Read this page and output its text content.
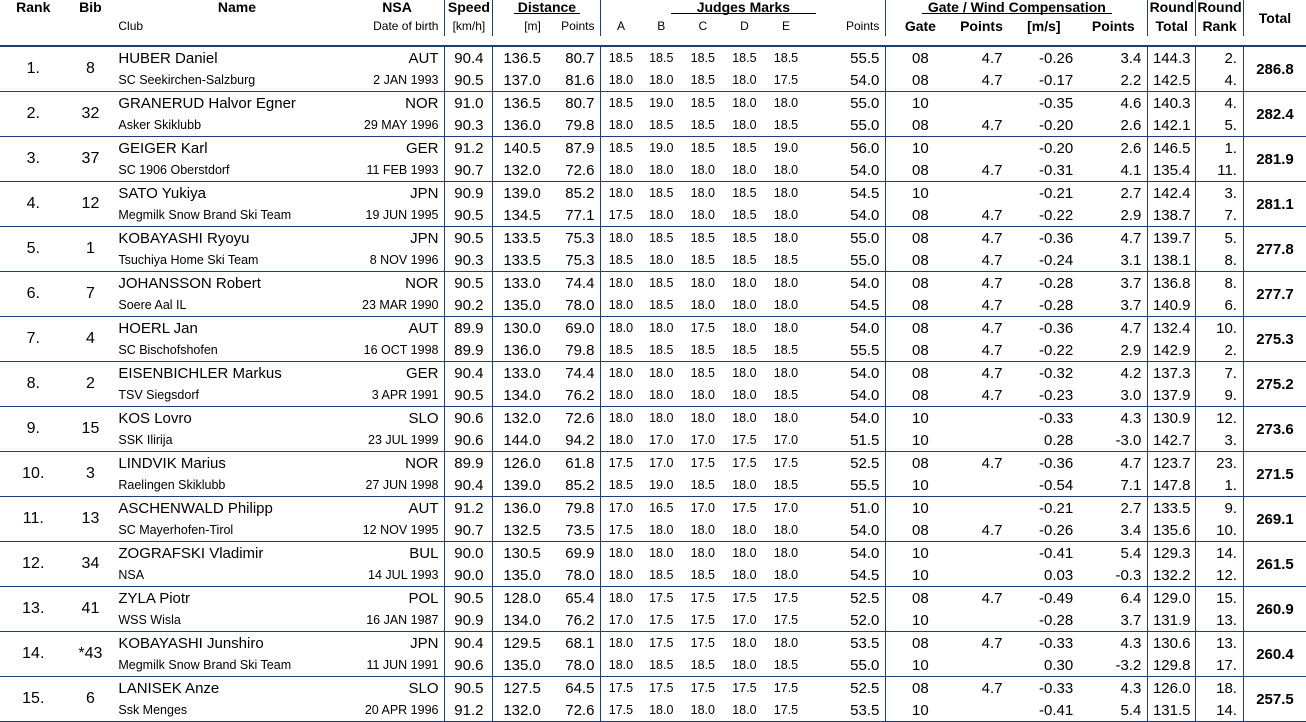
Rank	Bib	Name	NSA	Speed	Distance		Judges Marks						Gate / Wind Compensation				Round	Round	Total
		Club	Date of birth	[km/h]	[m]	Points	A	B	C	D	E	Points	Gate	Points	[m/s]	Points	Total	Rank	

1.	8	HUBER Daniel	AUT	90.4	136.5	80.7	18.5	18.5	18.5	18.5	18.5	55.5	08	4.7	-0.26	3.4	144.3	2.	286.8
		SC Seekirchen-Salzburg	2 JAN 1993	90.5	137.0	81.6	18.0	18.0	18.5	18.0	17.5	54.0	08	4.7	-0.17	2.2	142.5	4.	
2.	32	GRANERUD Halvor Egner	NOR	91.0	136.5	80.7	18.5	19.0	18.5	18.0	18.0	55.0	10		-0.35	4.6	140.3	4.	282.4
		Asker Skiklubb	29 MAY 1996	90.3	136.0	79.8	18.0	18.5	18.5	18.0	18.5	55.0	08	4.7	-0.20	2.6	142.1	5.	
3.	37	GEIGER Karl	GER	91.2	140.5	87.9	18.5	19.0	18.5	18.5	19.0	56.0	10		-0.20	2.6	146.5	1.	281.9
		SC 1906 Oberstdorf	11 FEB 1993	90.7	132.0	72.6	18.0	18.0	18.0	18.0	18.0	54.0	08	4.7	-0.31	4.1	135.4	11.	
4.	12	SATO Yukiya	JPN	90.9	139.0	85.2	18.0	18.5	18.0	18.5	18.0	54.5	10		-0.21	2.7	142.4	3.	281.1
		Megmilk Snow Brand Ski Team	19 JUN 1995	90.5	134.5	77.1	17.5	18.0	18.0	18.5	18.0	54.0	08	4.7	-0.22	2.9	138.7	7.	
5.	1	KOBAYASHI Ryoyu	JPN	90.5	133.5	75.3	18.0	18.5	18.5	18.5	18.0	55.0	08	4.7	-0.36	4.7	139.7	5.	277.8
		Tsuchiya Home Ski Team	8 NOV 1996	90.3	133.5	75.3	18.5	18.0	18.5	18.5	18.5	55.0	08	4.7	-0.24	3.1	138.1	8.	
6.	7	JOHANSSON Robert	NOR	90.5	133.0	74.4	18.0	18.5	18.0	18.0	18.0	54.0	08	4.7	-0.28	3.7	136.8	8.	277.7
		Soere Aal IL	23 MAR 1990	90.2	135.0	78.0	18.0	18.5	18.0	18.0	18.0	54.5	08	4.7	-0.28	3.7	140.9	6.	
7.	4	HOERL Jan	AUT	89.9	130.0	69.0	18.0	18.0	17.5	18.0	18.0	54.0	08	4.7	-0.36	4.7	132.4	10.	275.3
		SC Bischofshofen	16 OCT 1998	89.9	136.0	79.8	18.5	18.5	18.5	18.5	18.5	55.5	08	4.7	-0.22	2.9	142.9	2.	
8.	2	EISENBICHLER Markus	GER	90.4	133.0	74.4	18.0	18.0	18.5	18.0	18.0	54.0	08	4.7	-0.32	4.2	137.3	7.	275.2
		TSV Siegsdorf	3 APR 1991	90.5	134.0	76.2	18.0	18.0	18.0	18.0	18.5	54.0	08	4.7	-0.23	3.0	137.9	9.	
9.	15	KOS Lovro	SLO	90.6	132.0	72.6	18.0	18.0	18.0	18.0	18.0	54.0	10		-0.33	4.3	130.9	12.	273.6
		SSK Ilirija	23 JUL 1999	90.6	144.0	94.2	18.0	17.0	17.0	17.5	17.0	51.5	10		0.28	-3.0	142.7	3.	
10.	3	LINDVIK Marius	NOR	89.9	126.0	61.8	17.5	17.0	17.5	17.5	17.5	52.5	08	4.7	-0.36	4.7	123.7	23.	271.5
		Raelingen Skiklubb	27 JUN 1998	90.4	139.0	85.2	18.5	19.0	18.5	18.0	18.5	55.5	10		-0.54	7.1	147.8	1.	
11.	13	ASCHENWALD Philipp	AUT	91.2	136.0	79.8	17.0	16.5	17.0	17.5	17.0	51.0	10		-0.21	2.7	133.5	9.	269.1
		SC Mayerhofen-Tirol	12 NOV 1995	90.7	132.5	73.5	17.5	18.0	18.0	18.0	18.0	54.0	08	4.7	-0.26	3.4	135.6	10.	
12.	34	ZOGRAFSKI Vladimir	BUL	90.0	130.5	69.9	18.0	18.0	18.0	18.0	18.0	54.0	10		-0.41	5.4	129.3	14.	261.5
		NSA	14 JUL 1993	90.0	135.0	78.0	18.0	18.5	18.5	18.0	18.0	54.5	10		0.03	-0.3	132.2	12.	
13.	41	ZYLA Piotr	POL	90.5	128.0	65.4	18.0	17.5	17.5	17.5	17.5	52.5	08	4.7	-0.49	6.4	129.0	15.	260.9
		WSS Wisla	16 JAN 1987	90.9	134.0	76.2	17.0	17.5	17.5	17.0	17.5	52.0	10		-0.28	3.7	131.9	13.	
14.	*43	KOBAYASHI Junshiro	JPN	90.4	129.5	68.1	18.0	17.5	17.5	18.0	18.0	53.5	08	4.7	-0.33	4.3	130.6	13.	260.4
		Megmilk Snow Brand Ski Team	11 JUN 1991	90.6	135.0	78.0	18.0	18.5	18.5	18.0	18.5	55.0	10		0.30	-3.2	129.8	17.	
15.	6	LANISEK Anze	SLO	90.5	127.5	64.5	17.5	17.5	17.5	17.5	17.5	52.5	08	4.7	-0.33	4.3	126.0	18.	257.5
		Ssk Menges	20 APR 1996	91.2	132.0	72.6	17.5	18.0	18.0	18.0	17.5	53.5	10		-0.41	5.4	131.5	14.	
